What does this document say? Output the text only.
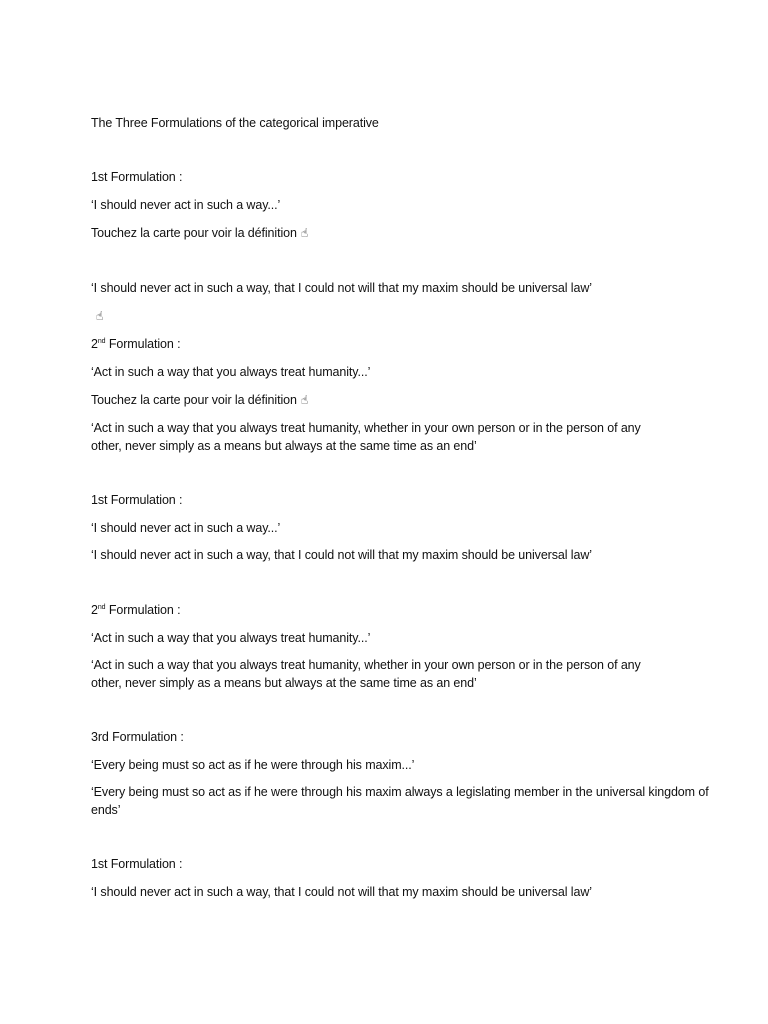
The Three Formulations of the categorical imperative
1st Formulation :
‘I should never act in such a way...’
Touchez la carte pour voir la définition ☝
‘I should never act in such a way, that I could not will that my maxim should be universal law’
☝
2nd Formulation :
‘Act in such a way that you always treat humanity...’
Touchez la carte pour voir la définition ☝
‘Act in such a way that you always treat humanity, whether in your own person or in the person of any other, never simply as a means but always at the same time as an end’
1st Formulation :
‘I should never act in such a way...’
‘I should never act in such a way, that I could not will that my maxim should be universal law’
2nd Formulation :
‘Act in such a way that you always treat humanity...’
‘Act in such a way that you always treat humanity, whether in your own person or in the person of any other, never simply as a means but always at the same time as an end’
3rd Formulation :
‘Every being must so act as if he were through his maxim...’
‘Every being must so act as if he were through his maxim always a legislating member in the universal kingdom of ends’
1st Formulation :
‘I should never act in such a way, that I could not will that my maxim should be universal law’
